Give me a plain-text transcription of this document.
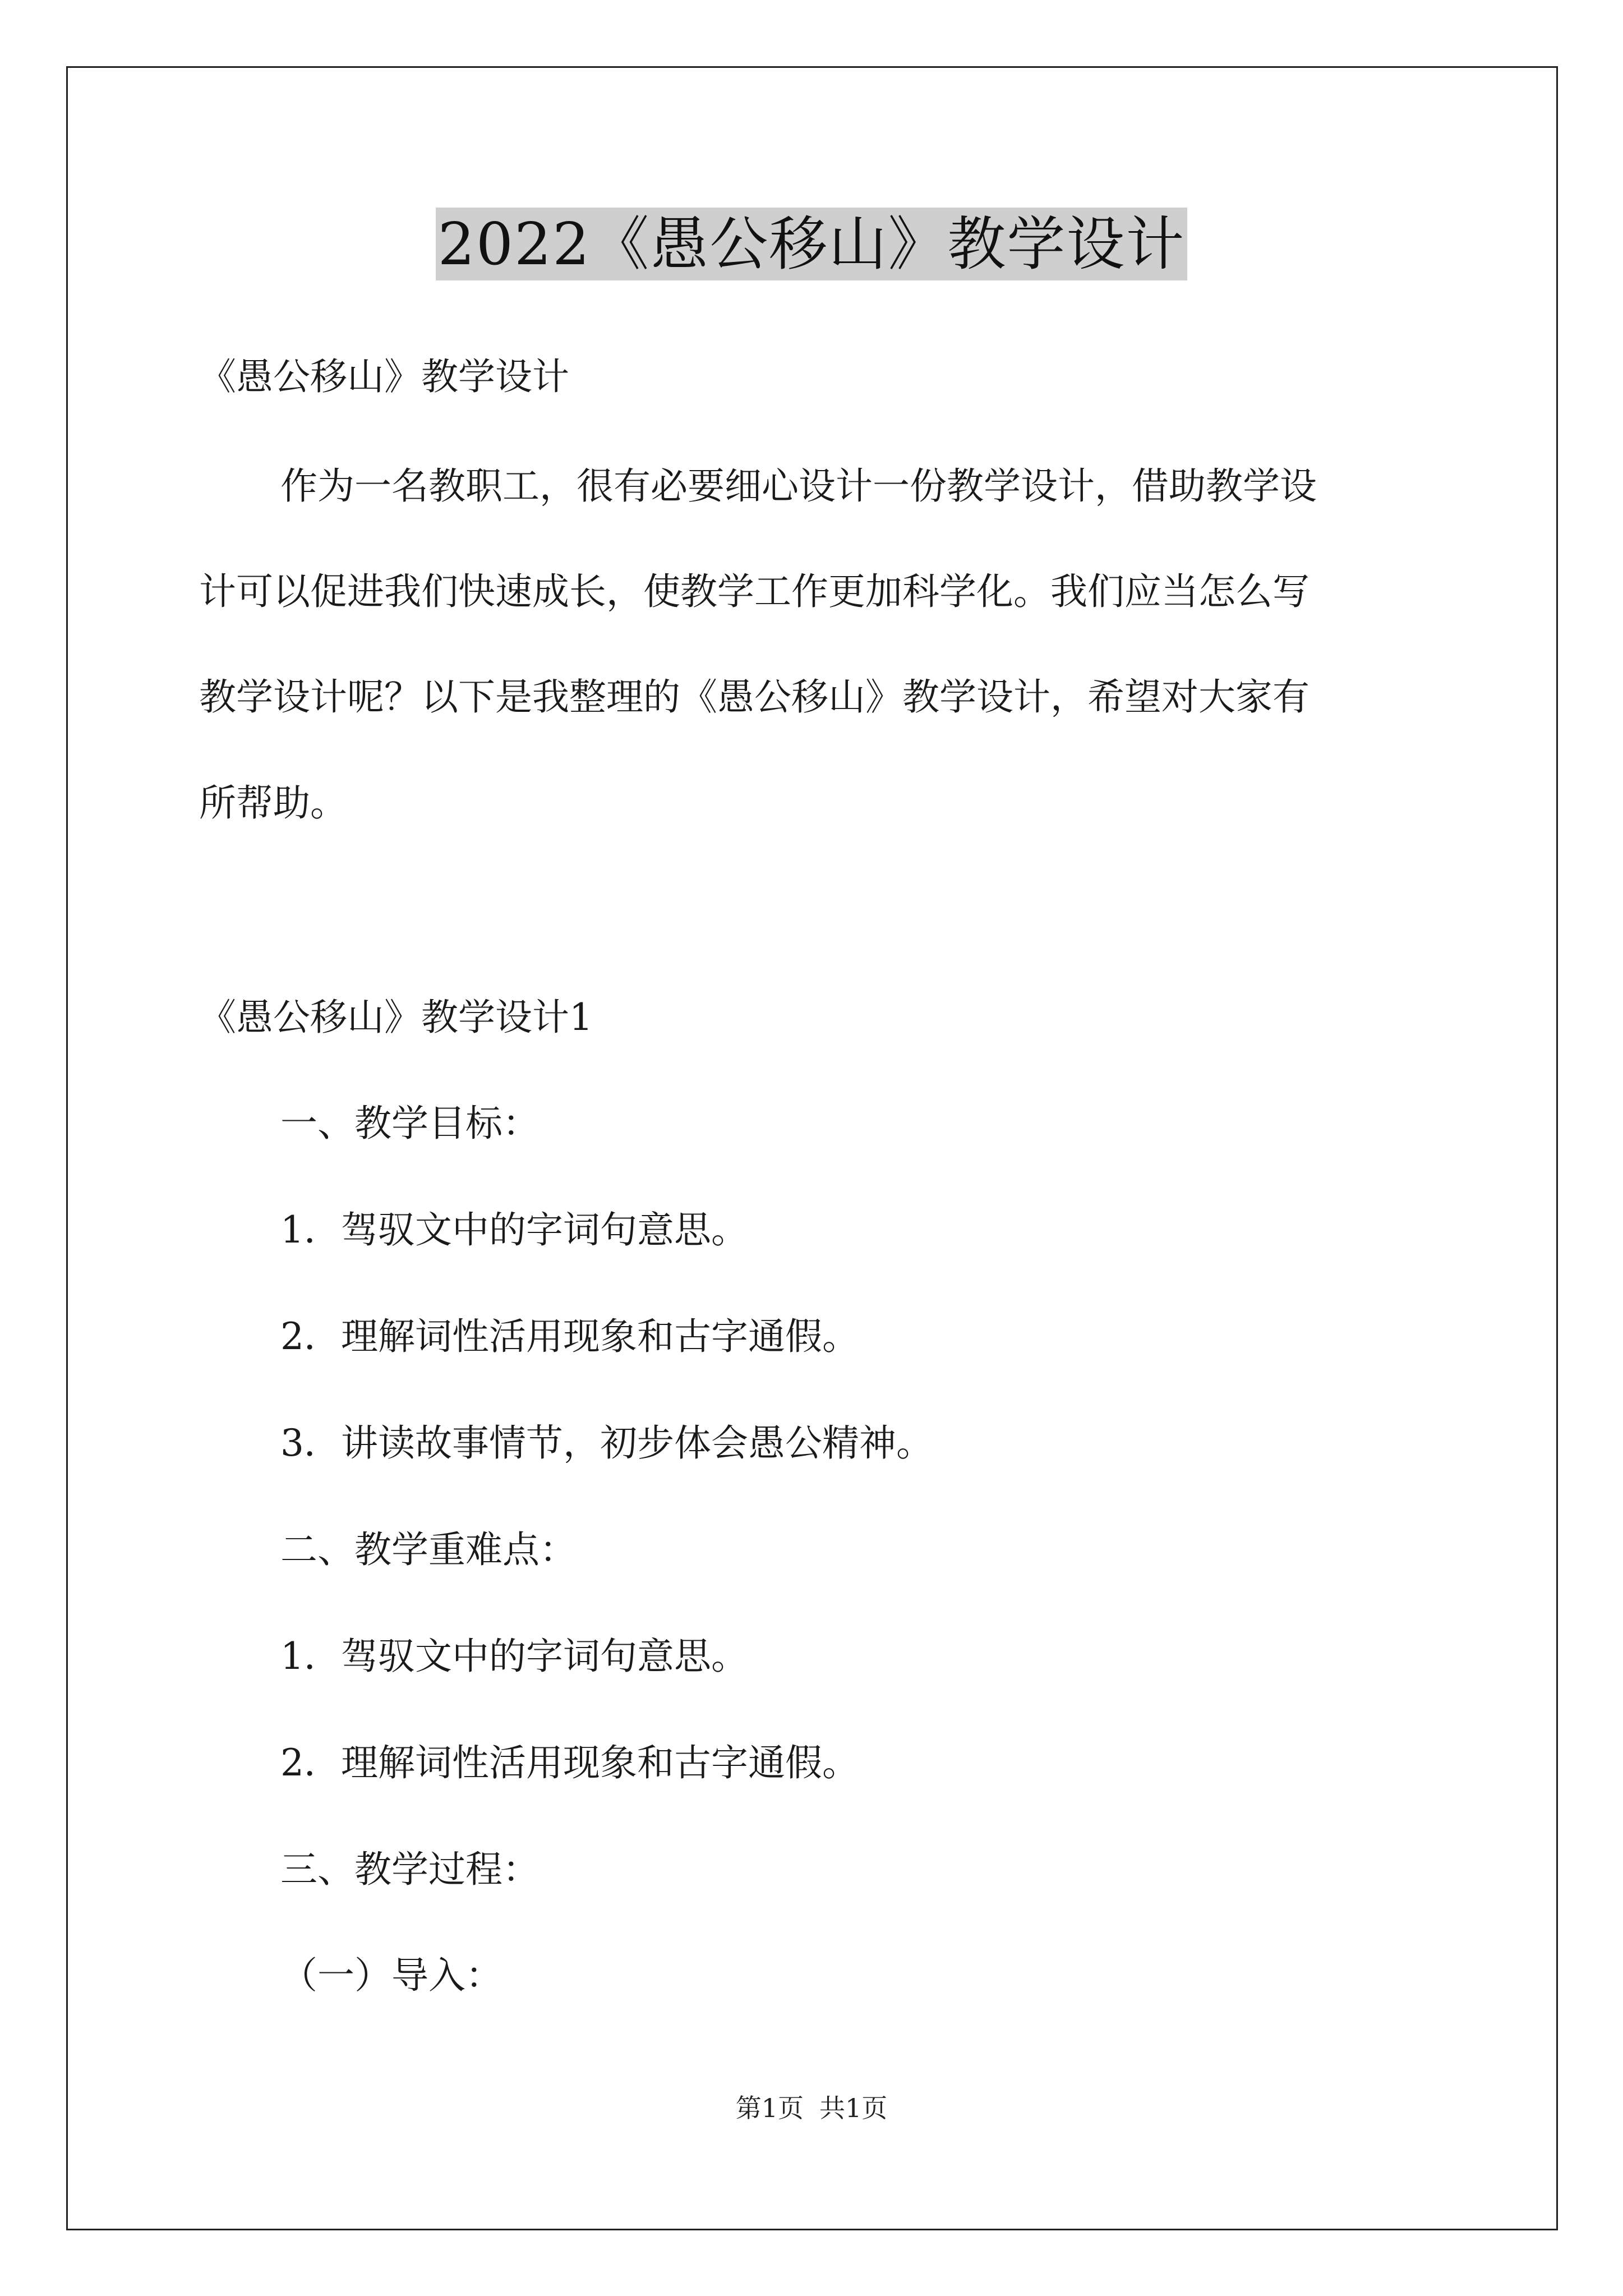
2022《愚公移山》教学设计
《愚公移山》教学设计
作为一名教职工，很有必要细心设计一份教学设计，借助教学设
计可以促进我们快速成长，使教学工作更加科学化。我们应当怎么写
教学设计呢？以下是我整理的《愚公移山》教学设计，希望对大家有
所帮助。
《愚公移山》教学设计1
一、教学目标：
1．驾驭文中的字词句意思。
2．理解词性活用现象和古字通假。
3．讲读故事情节，初步体会愚公精神。
二、教学重难点：
1．驾驭文中的字词句意思。
2．理解词性活用现象和古字通假。
三、教学过程：
（一）导入：
第1页 共1页
